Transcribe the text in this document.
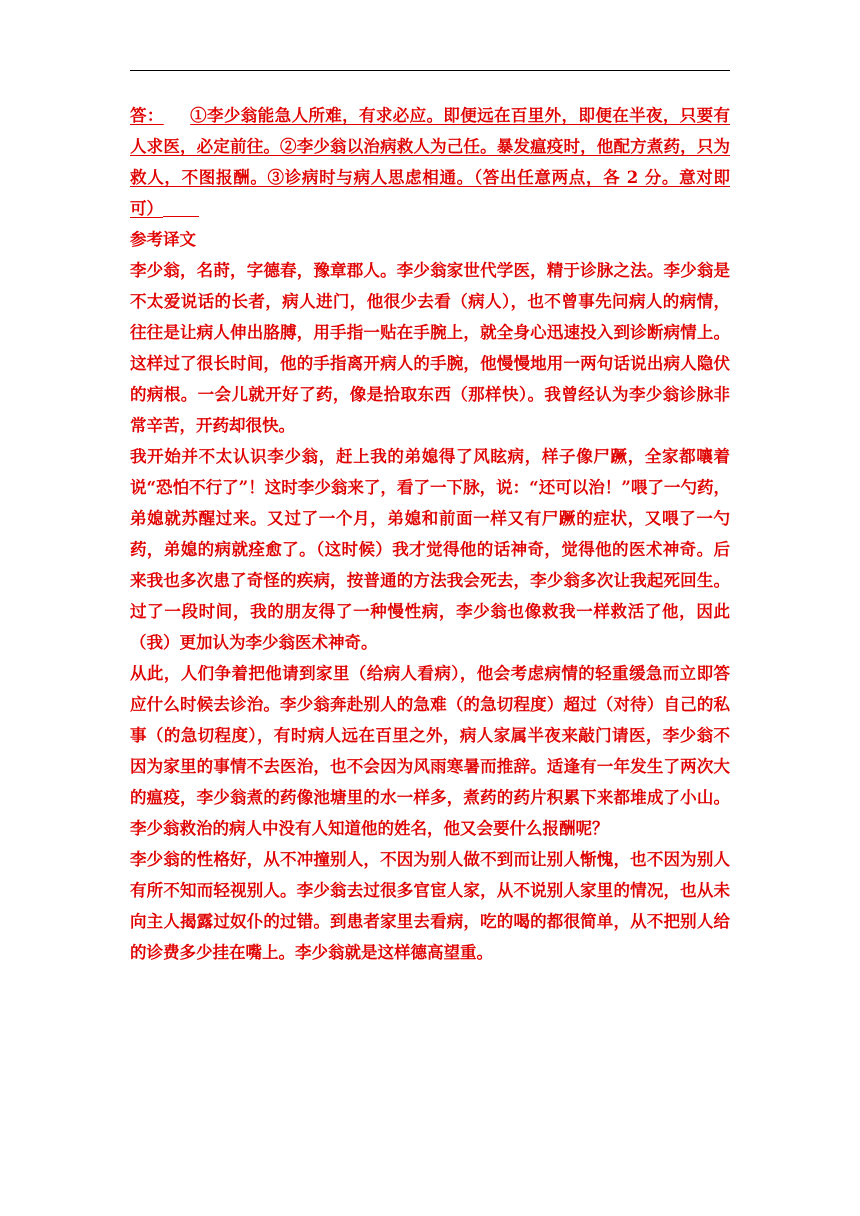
答： ①李少翁能急人所难，有求必应。即便远在百里外，即便在半夜，只要有人求医，必定前往。②李少翁以治病救人为己任。暴发瘟疫时，他配方煮药，只为救人，不图报酬。③诊病时与病人思虑相通。（答出任意两点，各 2 分。意对即可）

参考译文

李少翁，名莳，字德春，豫章郡人。李少翁家世代学医，精于诊脉之法。李少翁是不太爱说话的长者，病人进门，他很少去看（病人），也不曾事先问病人的病情，往往是让病人伸出胳膊，用手指一贴在手腕上，就全身心迅速投入到诊断病情上。这样过了很长时间，他的手指离开病人的手腕，他慢慢地用一两句话说出病人隐伏的病根。一会儿就开好了药，像是拾取东西（那样快）。我曾经认为李少翁诊脉非常辛苦，开药却很快。

我开始并不太认识李少翁，赶上我的弟媳得了风眩病，样子像尸蹶，全家都嚷着说“恐怕不行了”！这时李少翁来了，看了一下脉，说：“还可以治！”喂了一勺药，弟媳就苏醒过来。又过了一个月，弟媳和前面一样又有尸蹶的症状，又喂了一勺药，弟媳的病就痊愈了。（这时候）我才觉得他的话神奇，觉得他的医术神奇。后来我也多次患了奇怪的疾病，按普通的方法我会死去，李少翁多次让我起死回生。过了一段时间，我的朋友得了一种慢性病，李少翁也像救我一样救活了他，因此（我）更加认为李少翁医术神奇。

从此，人们争着把他请到家里（给病人看病），他会考虑病情的轻重缓急而立即答应什么时候去诊治。李少翁奔赴别人的急难（的急切程度）超过（对待）自己的私事（的急切程度），有时病人远在百里之外，病人家属半夜来敲门请医，李少翁不因为家里的事情不去医治，也不会因为风雨寒暑而推辞。适逢有一年发生了两次大的瘟疫，李少翁煮的药像池塘里的水一样多，煮药的药片积累下来都堆成了小山。李少翁救治的病人中没有人知道他的姓名，他又会要什么报酬呢？

李少翁的性格好，从不冲撞别人，不因为别人做不到而让别人惭愧，也不因为别人有所不知而轻视别人。李少翁去过很多官宦人家，从不说别人家里的情况，也从未向主人揭露过奴仆的过错。到患者家里去看病，吃的喝的都很简单，从不把别人给的诊费多少挂在嘴上。李少翁就是这样德高望重。
